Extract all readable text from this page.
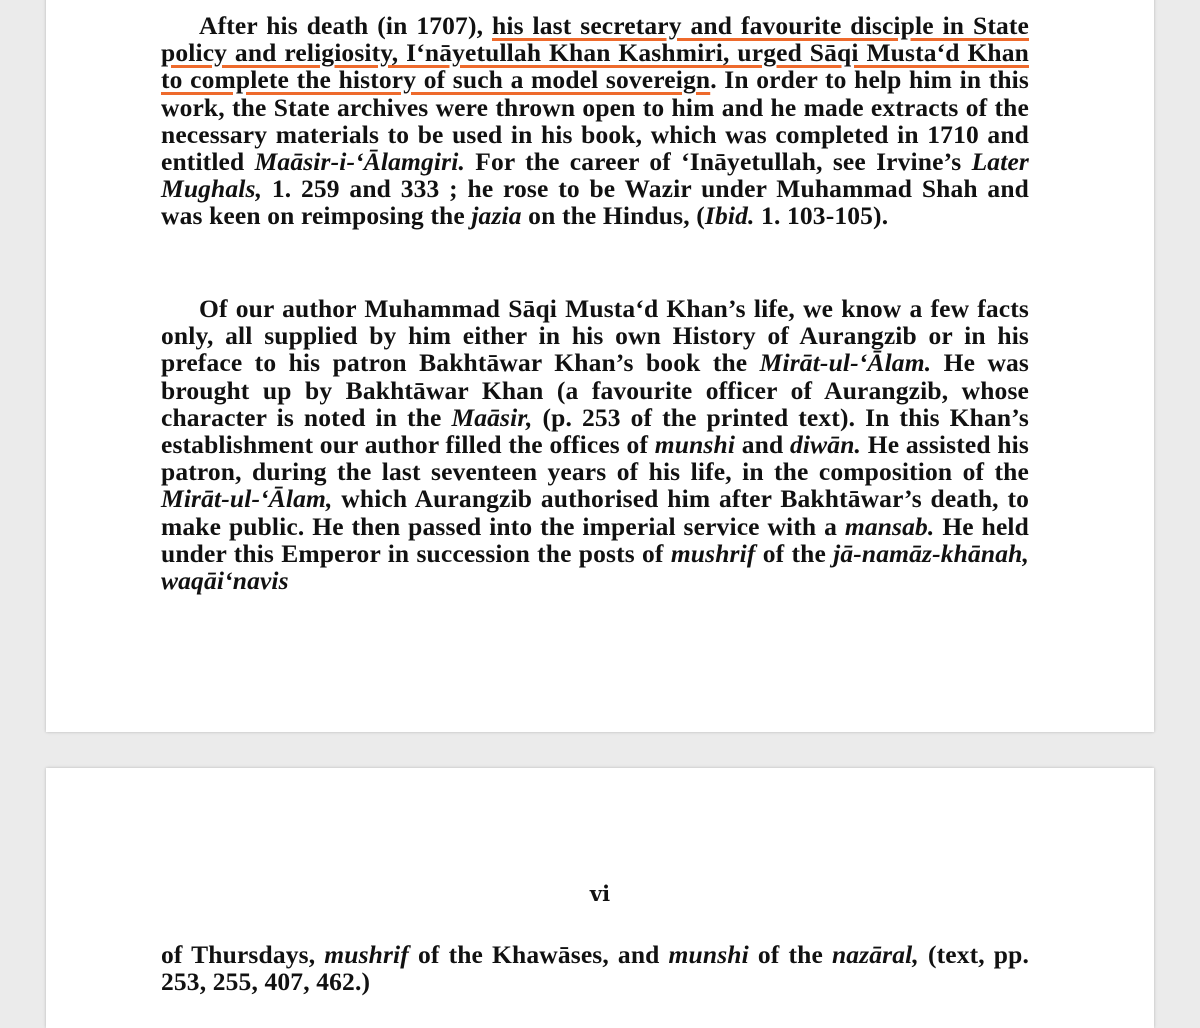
After his death (in 1707), his last secretary and favourite disciple in State policy and religiosity, I‘nāyetullah Khan Kashmiri, urged Sāqi Musta‘d Khan to complete the history of such a model sovereign. In order to help him in this work, the State archives were thrown open to him and he made extracts of the necessary materials to be used in his book, which was completed in 1710 and entitled Maāsir-i-‘Ālamgiri. For the career of ‘Ināyetullah, see Irvine’s Later Mughals, 1. 259 and 333 ; he rose to be Wazir under Muhammad Shah and was keen on reimposing the jazia on the Hindus, (Ibid. 1. 103-105).

Of our author Muhammad Sāqi Musta‘d Khan’s life, we know a few facts only, all supplied by him either in his own History of Aurangzib or in his preface to his patron Bakhtāwar Khan’s book the Mirāt-ul-‘Ālam. He was brought up by Bakhtāwar Khan (a favourite officer of Aurangzib, whose character is noted in the Maāsir, (p. 253 of the printed text). In this Khan’s establishment our author filled the offices of munshi and diwān. He assisted his patron, during the last seventeen years of his life, in the composition of the Mirāt-ul-‘Ālam, which Aurangzib authorised him after Bakhtāwar’s death, to make public. He then passed into the imperial service with a mansab. He held under this Emperor in succession the posts of mushrif of the jā-namāz-khānah, waqāi‘navis

vi

of Thursdays, mushrif of the Khawāses, and munshi of the nazāral, (text, pp. 253, 255, 407, 462.)
